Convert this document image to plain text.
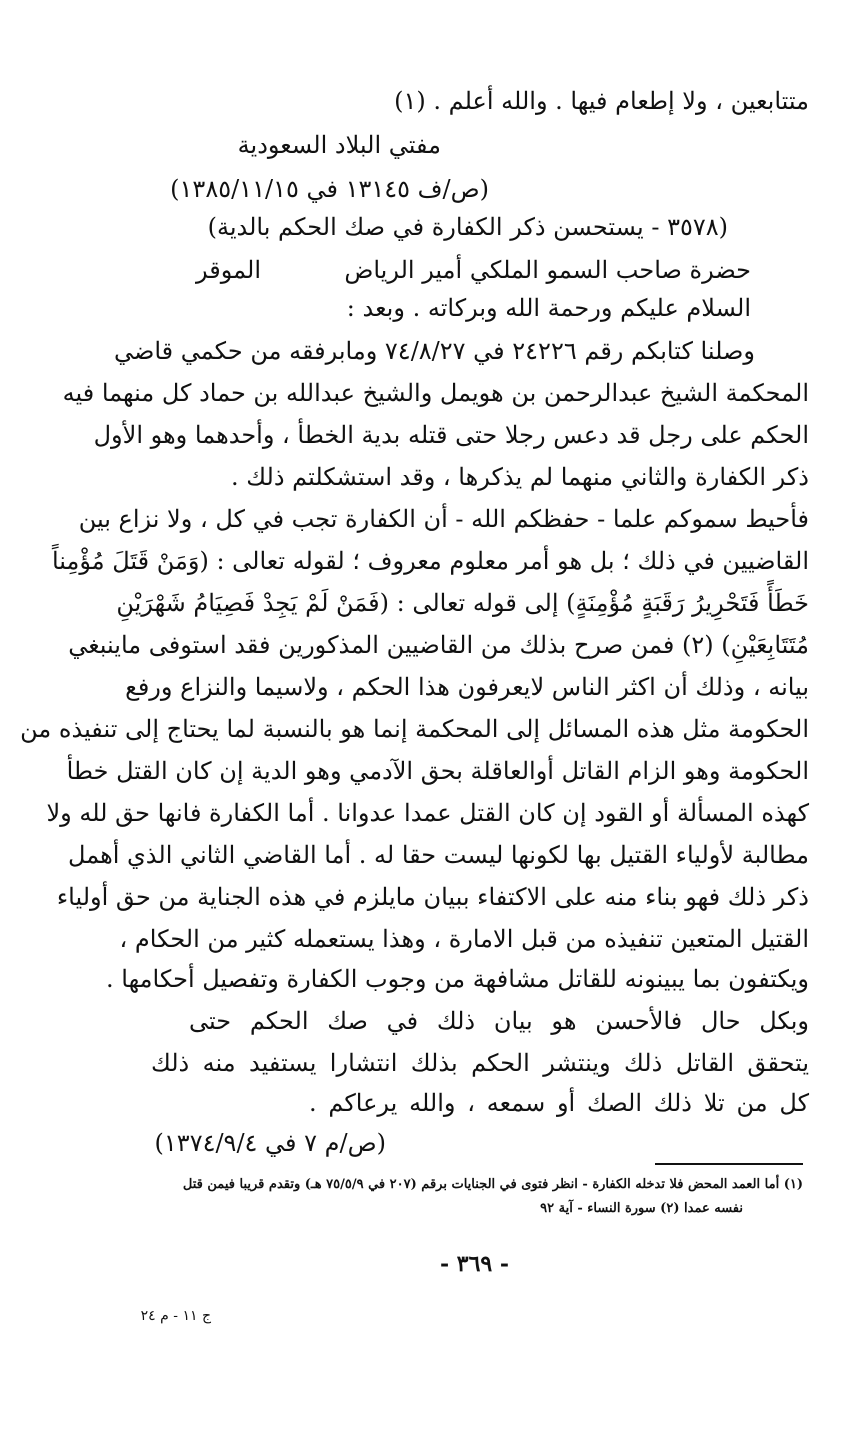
متتابعين ، ولا إطعام فيها . والله أعلم . (١)
مفتي البلاد السعودية
(ص/ف ١٣١٤٥ في ١٣٨٥/١١/١٥)
(٣٥٧٨ - يستحسن ذكر الكفارة في صك الحكم بالدية)
حضرة صاحب السمو الملكي أمير الرياض
الموقر
السلام عليكم ورحمة الله وبركاته . وبعد :
وصلنا كتابكم رقم ٢٤٢٢٦ في ٧٤/٨/٢٧ ومابرفقه من حكمي قاضي
المحكمة الشيخ عبدالرحمن بن هويمل والشيخ عبدالله بن حماد كل منهما فيه
الحكم على رجل قد دعس رجلا حتى قتله بدية الخطأ ، وأحدهما وهو الأول
ذكر الكفارة والثاني منهما لم يذكرها ، وقد استشكلتم ذلك .
فأحيط سموكم علما - حفظكم الله - أن الكفارة تجب في كل ، ولا نزاع بين
القاضيين في ذلك ؛ بل هو أمر معلوم معروف ؛ لقوله تعالى : (وَمَنْ قَتَلَ مُؤْمِناً
خَطَأً فَتَحْرِيرُ رَقَبَةٍ مُؤْمِنَةٍ) إلى قوله تعالى : (فَمَنْ لَمْ يَجِدْ فَصِيَامُ شَهْرَيْنِ
مُتَتَابِعَيْنِ) (٢) فمن صرح بذلك من القاضيين المذكورين فقد استوفى ماينبغي
بيانه ، وذلك أن اكثر الناس لايعرفون هذا الحكم ، ولاسيما والنزاع ورفع
الحكومة مثل هذه المسائل إلى المحكمة إنما هو بالنسبة لما يحتاج إلى تنفيذه من
الحكومة وهو الزام القاتل أوالعاقلة بحق الآدمي وهو الدية إن كان القتل خطأ
كهذه المسألة أو القود إن كان القتل عمدا عدوانا . أما الكفارة فانها حق لله ولا
مطالبة لأولياء القتيل بها لكونها ليست حقا له . أما القاضي الثاني الذي أهمل
ذكر ذلك فهو بناء منه على الاكتفاء ببيان مايلزم في هذه الجناية من حق أولياء
القتيل المتعين تنفيذه من قبل الامارة ، وهذا يستعمله كثير من الحكام ،
ويكتفون بما يبينونه للقاتل مشافهة من وجوب الكفارة وتفصيل أحكامها .
وبكل حال فالأحسن هو بيان ذلك في صك الحكم حتى
يتحقق القاتل ذلك وينتشر الحكم بذلك انتشارا يستفيد منه ذلك
كل من تلا ذلك الصك أو سمعه ، والله يرعاكم .
(ص/م ٧ في ١٣٧٤/٩/٤)
(١) أما العمد المحض فلا تدخله الكفارة - انظر فتوى في الجنايات برقم (٢٠٧ في ٧٥/٥/٩ هـ) وتقدم قريبا فيمن قتل
نفسه عمدا (٢) سورة النساء - آية ٩٢
- ٣٦٩ -
ج ١١ - م ٢٤
